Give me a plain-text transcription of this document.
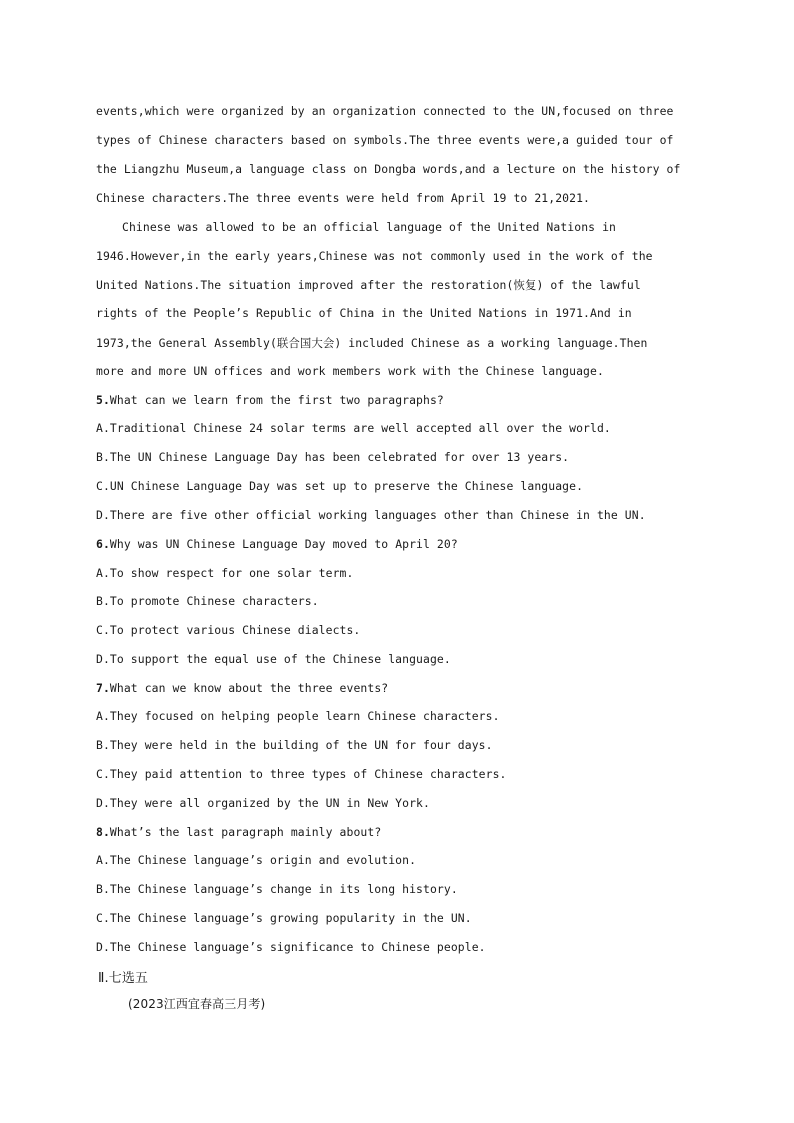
events,which were organized by an organization connected to the UN,focused on three
types of Chinese characters based on symbols.The three events were,a guided tour of
the Liangzhu Museum,a language class on Dongba words,and a lecture on the history of
Chinese characters.The three events were held from April 19 to 21,2021.
Chinese was allowed to be an official language of the United Nations in
1946.However,in the early years,Chinese was not commonly used in the work of the
United Nations.The situation improved after the restoration(恢复) of the lawful
rights of the People’s Republic of China in the United Nations in 1971.And in
1973,the General Assembly(联合国大会) included Chinese as a working language.Then
more and more UN offices and work members work with the Chinese language.
5.What can we learn from the first two paragraphs?
A.Traditional Chinese 24 solar terms are well accepted all over the world.
B.The UN Chinese Language Day has been celebrated for over 13 years.
C.UN Chinese Language Day was set up to preserve the Chinese language.
D.There are five other official working languages other than Chinese in the UN.
6.Why was UN Chinese Language Day moved to April 20?
A.To show respect for one solar term.
B.To promote Chinese characters.
C.To protect various Chinese dialects.
D.To support the equal use of the Chinese language.
7.What can we know about the three events?
A.They focused on helping people learn Chinese characters.
B.They were held in the building of the UN for four days.
C.They paid attention to three types of Chinese characters.
D.They were all organized by the UN in New York.
8.What’s the last paragraph mainly about?
A.The Chinese language’s origin and evolution.
B.The Chinese language’s change in its long history.
C.The Chinese language’s growing popularity in the UN.
D.The Chinese language’s significance to Chinese people.
Ⅱ.七选五
(2023江西宜春高三月考)
